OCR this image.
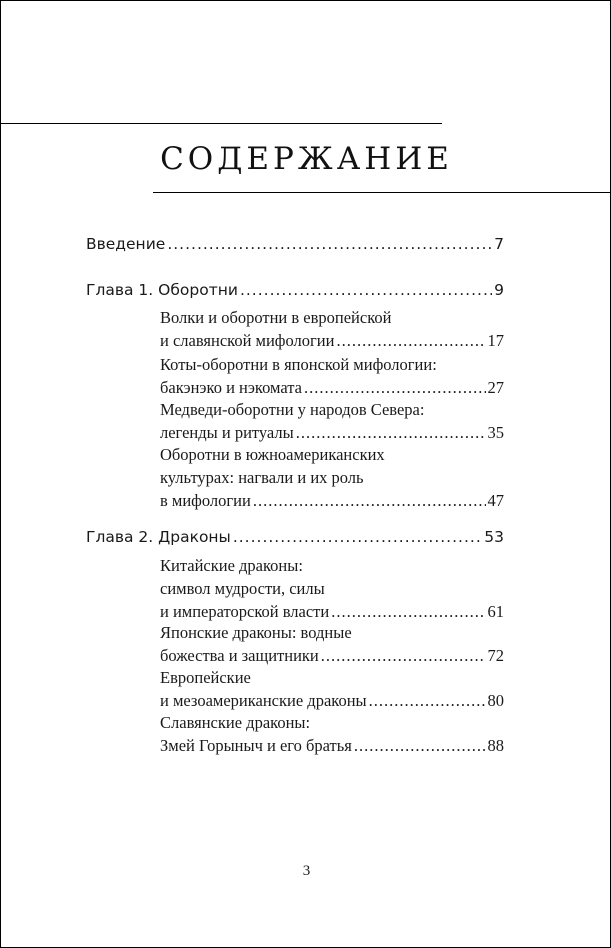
СОДЕРЖАНИЕ
Введение .....	7
Глава 1. Оборотни .....	9
Волки и оборотни в европейской
и славянской мифологии .....	17
Коты-оборотни в японской мифологии:
бакэнэко и нэкомата .....	27
Медведи-оборотни у народов Севера:
легенды и ритуалы .....	35
Оборотни в южноамериканских
культурах: нагвали и их роль
в мифологии .....	47
Глава 2. Драконы .....	53
Китайские драконы:
символ мудрости, силы
и императорской власти .....	61
Японские драконы: водные
божества и защитники .....	72
Европейские
и мезоамериканские драконы .....	80
Славянские драконы:
Змей Горыныч и его братья .....	88
3
